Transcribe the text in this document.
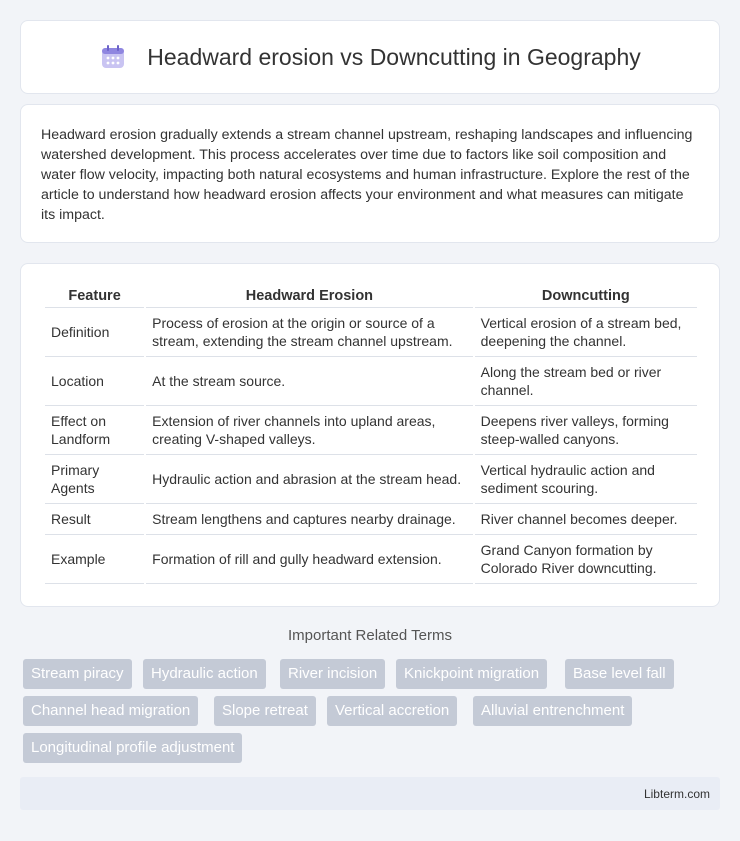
Headward erosion vs Downcutting in Geography

Headward erosion gradually extends a stream channel upstream, reshaping landscapes and influencing watershed development. This process accelerates over time due to factors like soil composition and water flow velocity, impacting both natural ecosystems and human infrastructure. Explore the rest of the article to understand how headward erosion affects your environment and what measures can mitigate its impact.

Feature	Headward Erosion	Downcutting
Definition	Process of erosion at the origin or source of a stream, extending the stream channel upstream.	Vertical erosion of a stream bed, deepening the channel.
Location	At the stream source.	Along the stream bed or river channel.
Effect on Landform	Extension of river channels into upland areas, creating V-shaped valleys.	Deepens river valleys, forming steep-walled canyons.
Primary Agents	Hydraulic action and abrasion at the stream head.	Vertical hydraulic action and sediment scouring.
Result	Stream lengthens and captures nearby drainage.	River channel becomes deeper.
Example	Formation of rill and gully headward extension.	Grand Canyon formation by Colorado River downcutting.
Important Related Terms
Stream piracy	Hydraulic action	River incision	Knickpoint migration	Base level fall
Channel head migration	Slope retreat	Vertical accretion	Alluvial entrenchment
Longitudinal profile adjustment
Libterm.com
